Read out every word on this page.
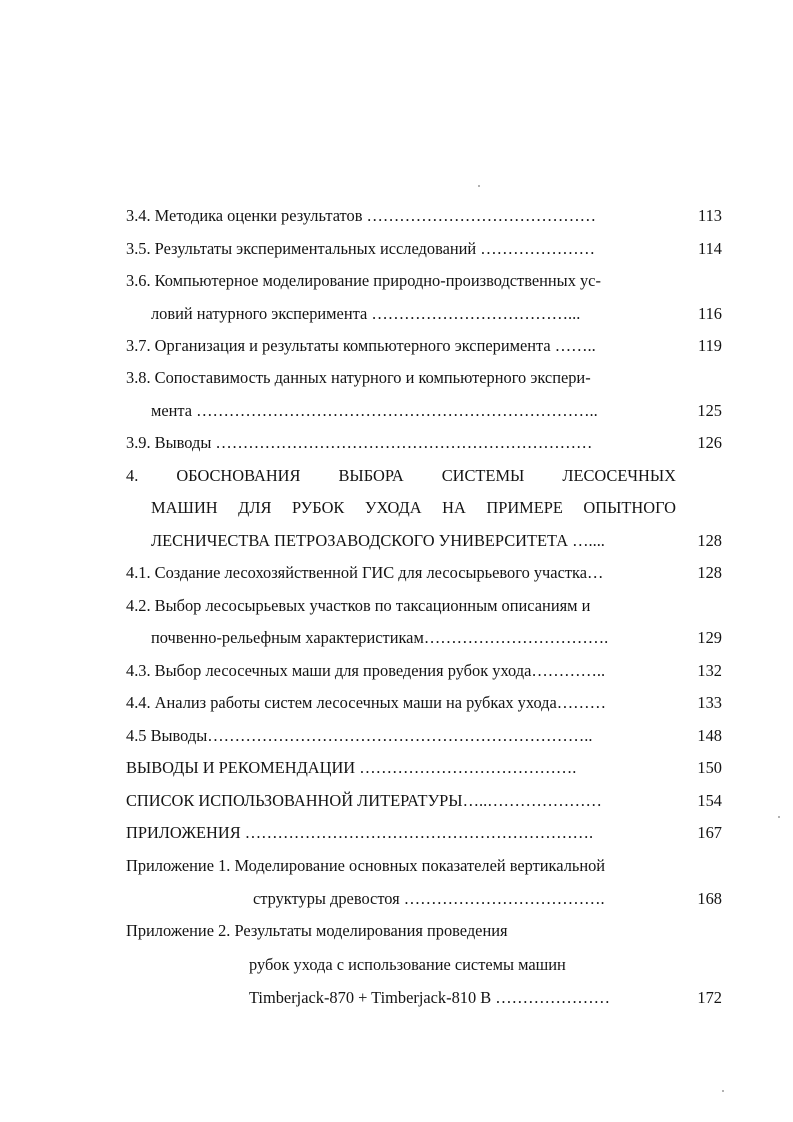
3.4. Методика оценки результатов ……………………………………	113
3.5. Результаты экспериментальных исследований …………………	114
3.6. Компьютерное моделирование природно-производственных ус-
ловий натурного эксперимента ………………………………...	116
3.7. Организация и результаты компьютерного эксперимента ……..	119
3.8. Сопоставимость данных натурного и компьютерного экспери-
мента ………………………………………………………………..	125
3.9. Выводы ……………………………………………………………	126
4. ОБОСНОВАНИЯ ВЫБОРА СИСТЕМЫ ЛЕСОСЕЧНЫХ
МАШИН ДЛЯ РУБОК УХОДА НА ПРИМЕРЕ ОПЫТНОГО
ЛЕСНИЧЕСТВА ПЕТРОЗАВОДСКОГО УНИВЕРСИТЕТА …....	128
4.1. Создание лесохозяйственной ГИС для лесосырьевого участка…	128
4.2. Выбор лесосырьевых участков по таксационным описаниям и
почвенно-рельефным характеристикам…………………………….	129
4.3. Выбор лесосечных маши для проведения рубок ухода…………..	132
4.4. Анализ работы систем лесосечных маши на рубках ухода………	133
4.5 Выводы……………………………………………………………..	148
ВЫВОДЫ И РЕКОМЕНДАЦИИ ………………………………….	150
СПИСОК ИСПОЛЬЗОВАННОЙ ЛИТЕРАТУРЫ…..…………………	154
ПРИЛОЖЕНИЯ ……………………………………………………….	167
Приложение 1. Моделирование основных показателей вертикальной
структуры древостоя ……………………………….	168
Приложение 2. Результаты моделирования проведения
рубок ухода с использование системы машин
Timberjack-870 + Timberjack-810 B …………………	172
